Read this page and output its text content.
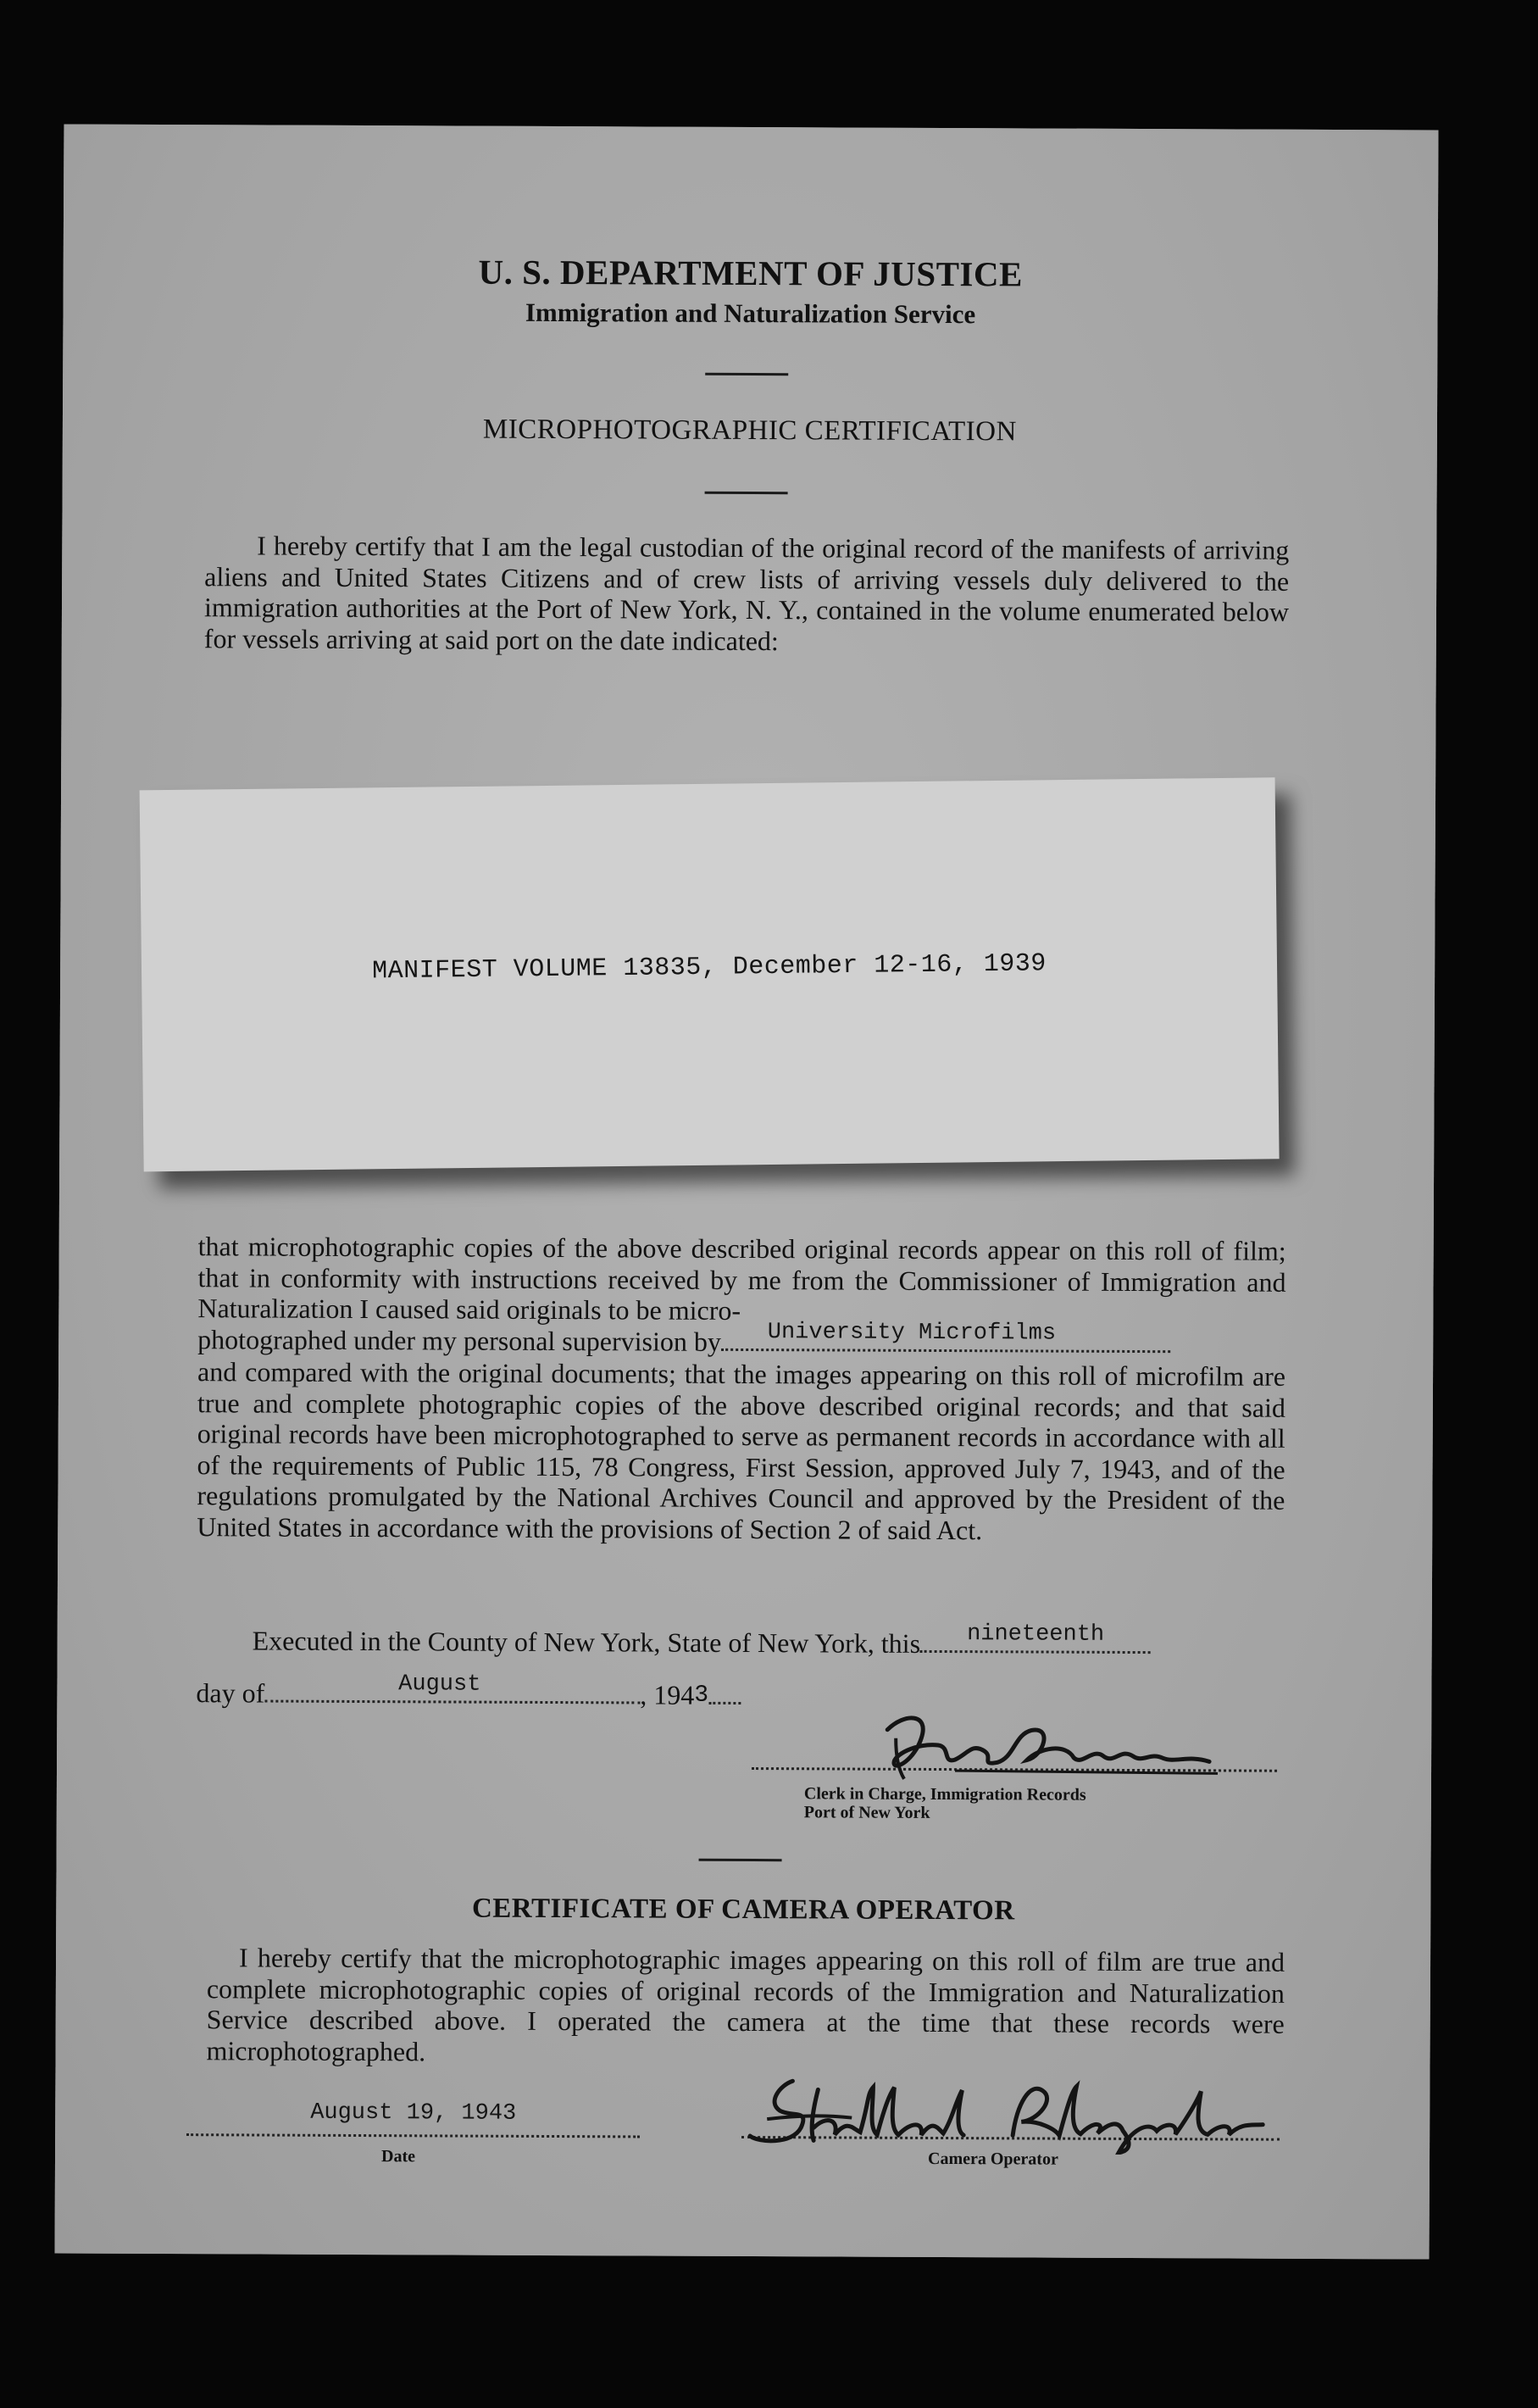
U. S. DEPARTMENT OF JUSTICE
Immigration and Naturalization Service
MICROPHOTOGRAPHIC CERTIFICATION
I hereby certify that I am the legal custodian of the original record of the manifests of arriving aliens and United States Citizens and of crew lists of arriving vessels duly delivered to the immigration authorities at the Port of New York, N. Y., contained in the volume enumerated below for vessels arriving at said port on the date indicated:
MANIFEST VOLUME 13835, December 12-16, 1939
that microphotographic copies of the above described original records appear on this roll of film; that in conformity with instructions received by me from the Commissioner of Immigration and Naturalization I caused said originals to be micro-
photographed under my personal supervision by	University Microfilms
and compared with the original documents; that the images appearing on this roll of microfilm are true and complete photographic copies of the above described original records; and that said original records have been microphotographed to serve as permanent records in accordance with all of the requirements of Public 115, 78 Congress, First Session, approved July 7, 1943, and of the regulations promulgated by the National Archives Council and approved by the President of the United States in accordance with the provisions of Section 2 of said Act.
Executed in the County of New York, State of New York, this	nineteenth
day of	August	, 1943
Clerk in Charge, Immigration Records
Port of New York
CERTIFICATE OF CAMERA OPERATOR
I hereby certify that the microphotographic images appearing on this roll of film are true and complete microphotographic copies of original records of the Immigration and Naturalization Service described above. I operated the camera at the time that these records were microphotographed.
August 19, 1943
Date	Camera Operator
